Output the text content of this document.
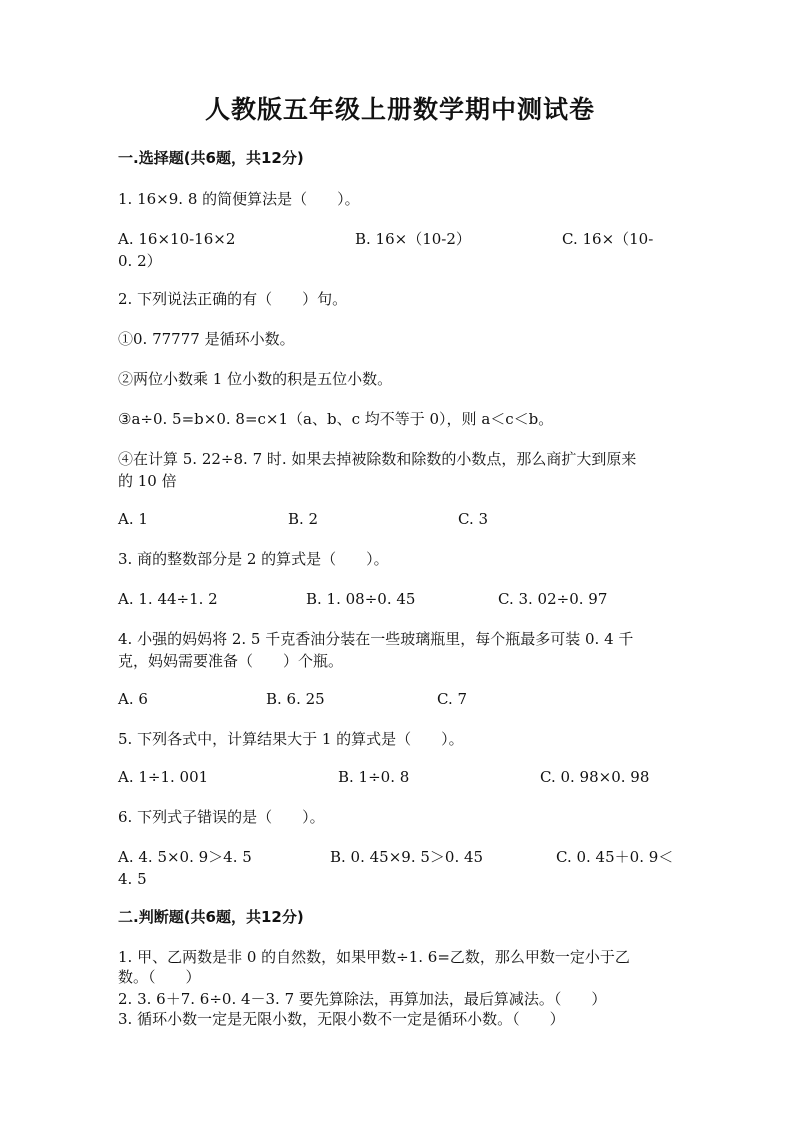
人教版五年级上册数学期中测试卷
一.选择题(共6题，共12分)
1. 16×9. 8 的简便算法是（　　）。
A. 16×10-16×2	B. 16×（10-2）	C. 16×（10-
0. 2）
2. 下列说法正确的有（　　）句。
①0. 77777 是循环小数。
②两位小数乘 1 位小数的积是五位小数。
③a÷0. 5=b×0. 8=c×1（a、b、c 均不等于 0），则 a＜c＜b。
④在计算 5. 22÷8. 7 时. 如果去掉被除数和除数的小数点，那么商扩大到原来
的 10 倍
A. 1	B. 2	C. 3
3. 商的整数部分是 2 的算式是（　　）。
A. 1. 44÷1. 2	B. 1. 08÷0. 45	C. 3. 02÷0. 97
4. 小强的妈妈将 2. 5 千克香油分装在一些玻璃瓶里，每个瓶最多可装 0. 4 千
克，妈妈需要准备（　　）个瓶。
A. 6	B. 6. 25	C. 7
5. 下列各式中，计算结果大于 1 的算式是（　　）。
A. 1÷1. 001	B. 1÷0. 8	C. 0. 98×0. 98
6. 下列式子错误的是（　　）。
A. 4. 5×0. 9＞4. 5	B. 0. 45×9. 5＞0. 45	C. 0. 45＋0. 9＜
4. 5
二.判断题(共6题，共12分)
1. 甲、乙两数是非 0 的自然数，如果甲数÷1. 6=乙数，那么甲数一定小于乙
数。（　　）
2. 3. 6＋7. 6÷0. 4－3. 7 要先算除法，再算加法，最后算减法。（　　）
3. 循环小数一定是无限小数，无限小数不一定是循环小数。（　　）
